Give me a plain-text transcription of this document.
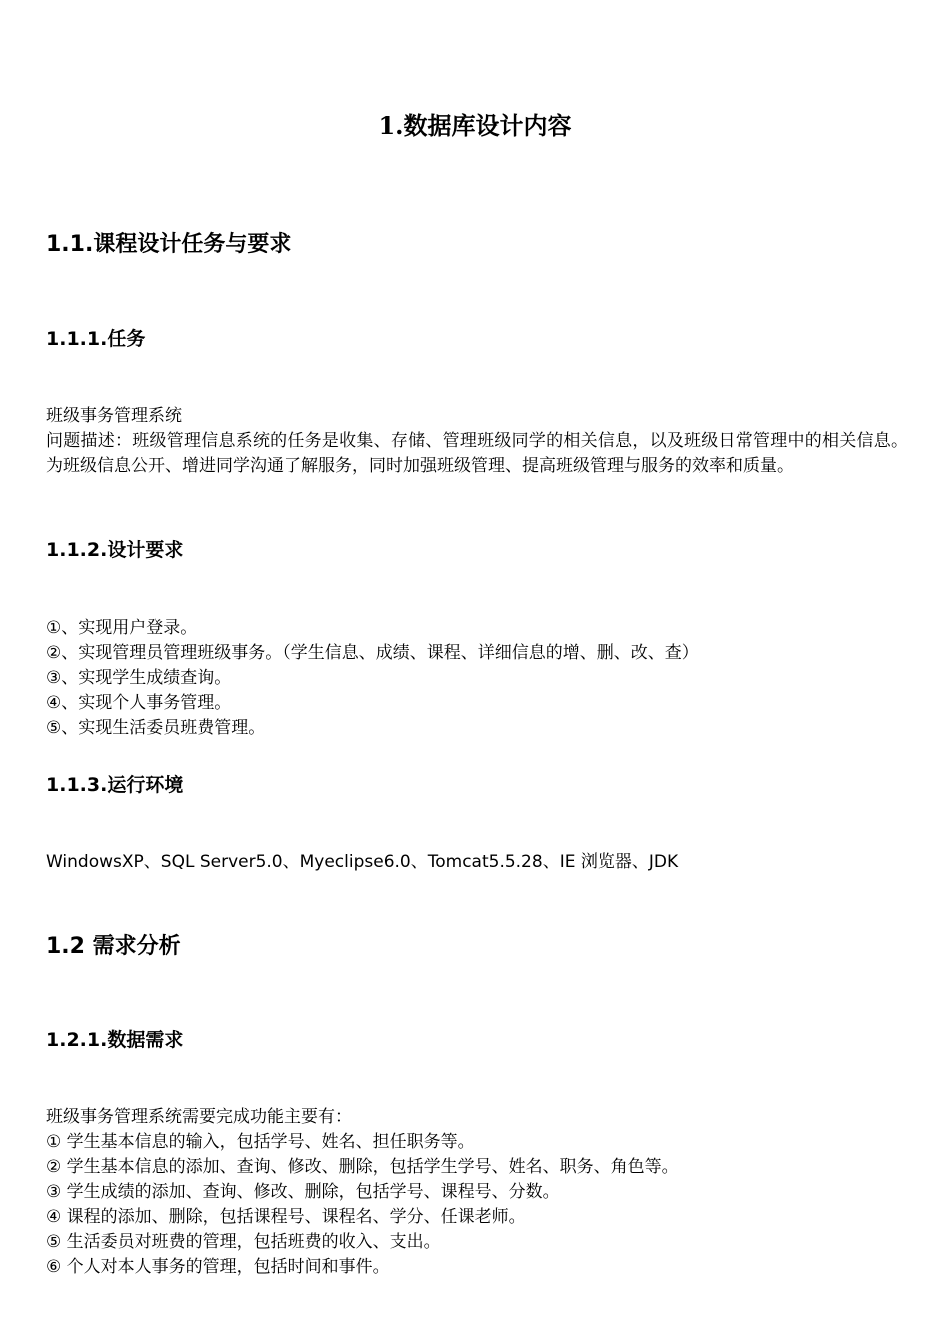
1.数据库设计内容
1.1.课程设计任务与要求
1.1.1.任务
班级事务管理系统
问题描述：班级管理信息系统的任务是收集、存储、管理班级同学的相关信息，以及班级日常管理中的相关信息。为班级信息公开、增进同学沟通了解服务，同时加强班级管理、提高班级管理与服务的效率和质量。
1.1.2.设计要求
①、实现用户登录。
②、实现管理员管理班级事务。（学生信息、成绩、课程、详细信息的增、删、改、查）
③、实现学生成绩查询。
④、实现个人事务管理。
⑤、实现生活委员班费管理。
1.1.3.运行环境
WindowsXP、SQL Server5.0、Myeclipse6.0、Tomcat5.5.28、IE 浏览器、JDK
1.2 需求分析
1.2.1.数据需求
班级事务管理系统需要完成功能主要有：
① 学生基本信息的输入，包括学号、姓名、担任职务等。
② 学生基本信息的添加、查询、修改、删除，包括学生学号、姓名、职务、角色等。
③ 学生成绩的添加、查询、修改、删除，包括学号、课程号、分数。
④ 课程的添加、删除，包括课程号、课程名、学分、任课老师。
⑤ 生活委员对班费的管理，包括班费的收入、支出。
⑥ 个人对本人事务的管理，包括时间和事件。
